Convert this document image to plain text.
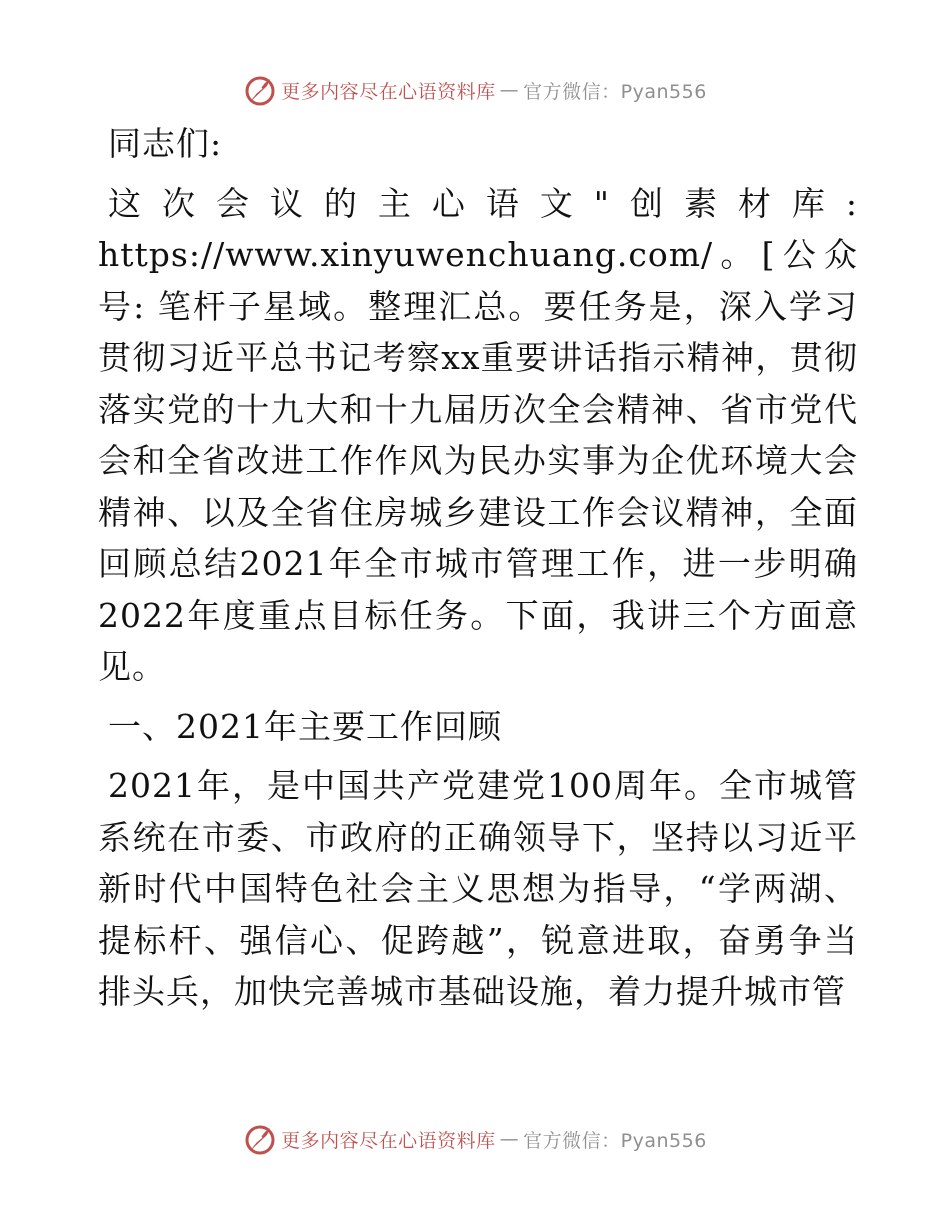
更多内容尽在心语资料库 — 官方微信：Pyan556

同志们:

这次会议的主心语文"创素材库: https://www.xinyuwenchuang.com/。[公众号: 笔杆子星域。整理汇总。要任务是，深入学习贯彻习近平总书记考察xx重要讲话指示精神，贯彻落实党的十九大和十九届历次全会精神、省市党代会和全省改进工作作风为民办实事为企优环境大会精神、以及全省住房城乡建设工作会议精神，全面回顾总结2021年全市城市管理工作，进一步明确2022年度重点目标任务。下面，我讲三个方面意见。

一、2021年主要工作回顾

2021年，是中国共产党建党100周年。全市城管系统在市委、市政府的正确领导下，坚持以习近平新时代中国特色社会主义思想为指导，“学两湖、提标杆、强信心、促跨越”，锐意进取，奋勇争当排头兵，加快完善城市基础设施，着力提升城市管

更多内容尽在心语资料库 — 官方微信：Pyan556
